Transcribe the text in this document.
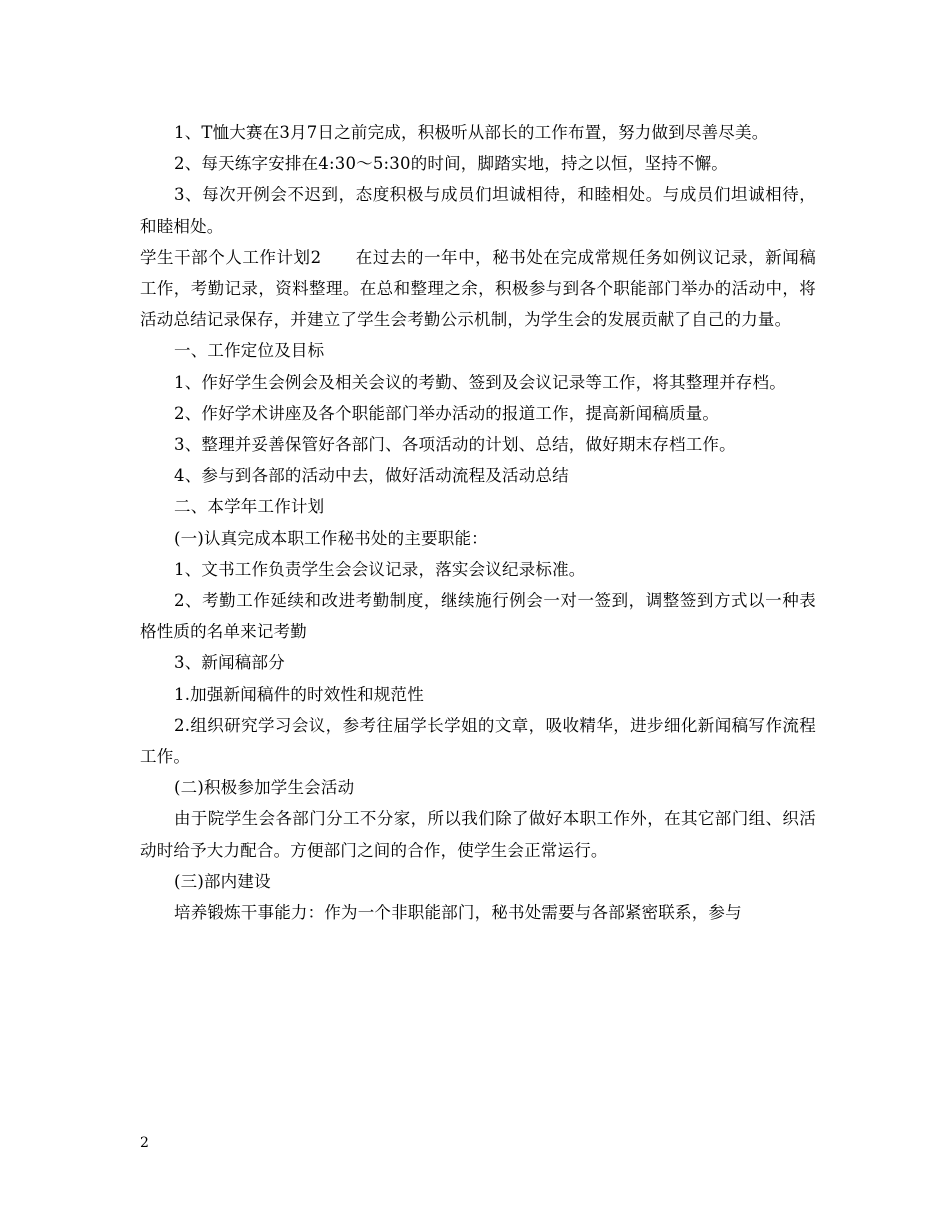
1、T恤大赛在3月7日之前完成，积极听从部长的工作布置，努力做到尽善尽美。

2、每天练字安排在4:30～5:30的时间，脚踏实地，持之以恒，坚持不懈。

3、每次开例会不迟到，态度积极与成员们坦诚相待，和睦相处。与成员们坦诚相待，和睦相处。

学生干部个人工作计划2　　在过去的一年中，秘书处在完成常规任务如例议记录，新闻稿工作，考勤记录，资料整理。在总和整理之余，积极参与到各个职能部门举办的活动中，将活动总结记录保存，并建立了学生会考勤公示机制，为学生会的发展贡献了自己的力量。

一、工作定位及目标

1、作好学生会例会及相关会议的考勤、签到及会议记录等工作，将其整理并存档。

2、作好学术讲座及各个职能部门举办活动的报道工作，提高新闻稿质量。

3、整理并妥善保管好各部门、各项活动的计划、总结，做好期末存档工作。

4、参与到各部的活动中去，做好活动流程及活动总结

二、本学年工作计划

(一)认真完成本职工作秘书处的主要职能：

1、文书工作负责学生会会议记录，落实会议纪录标准。

2、考勤工作延续和改进考勤制度，继续施行例会一对一签到，调整签到方式以一种表格性质的名单来记考勤

3、新闻稿部分

1.加强新闻稿件的时效性和规范性

2.组织研究学习会议，参考往届学长学姐的文章，吸收精华，进步细化新闻稿写作流程工作。

(二)积极参加学生会活动

由于院学生会各部门分工不分家，所以我们除了做好本职工作外，在其它部门组、织活动时给予大力配合。方便部门之间的合作，使学生会正常运行。

(三)部内建设

培养锻炼干事能力：作为一个非职能部门，秘书处需要与各部紧密联系，参与

2
